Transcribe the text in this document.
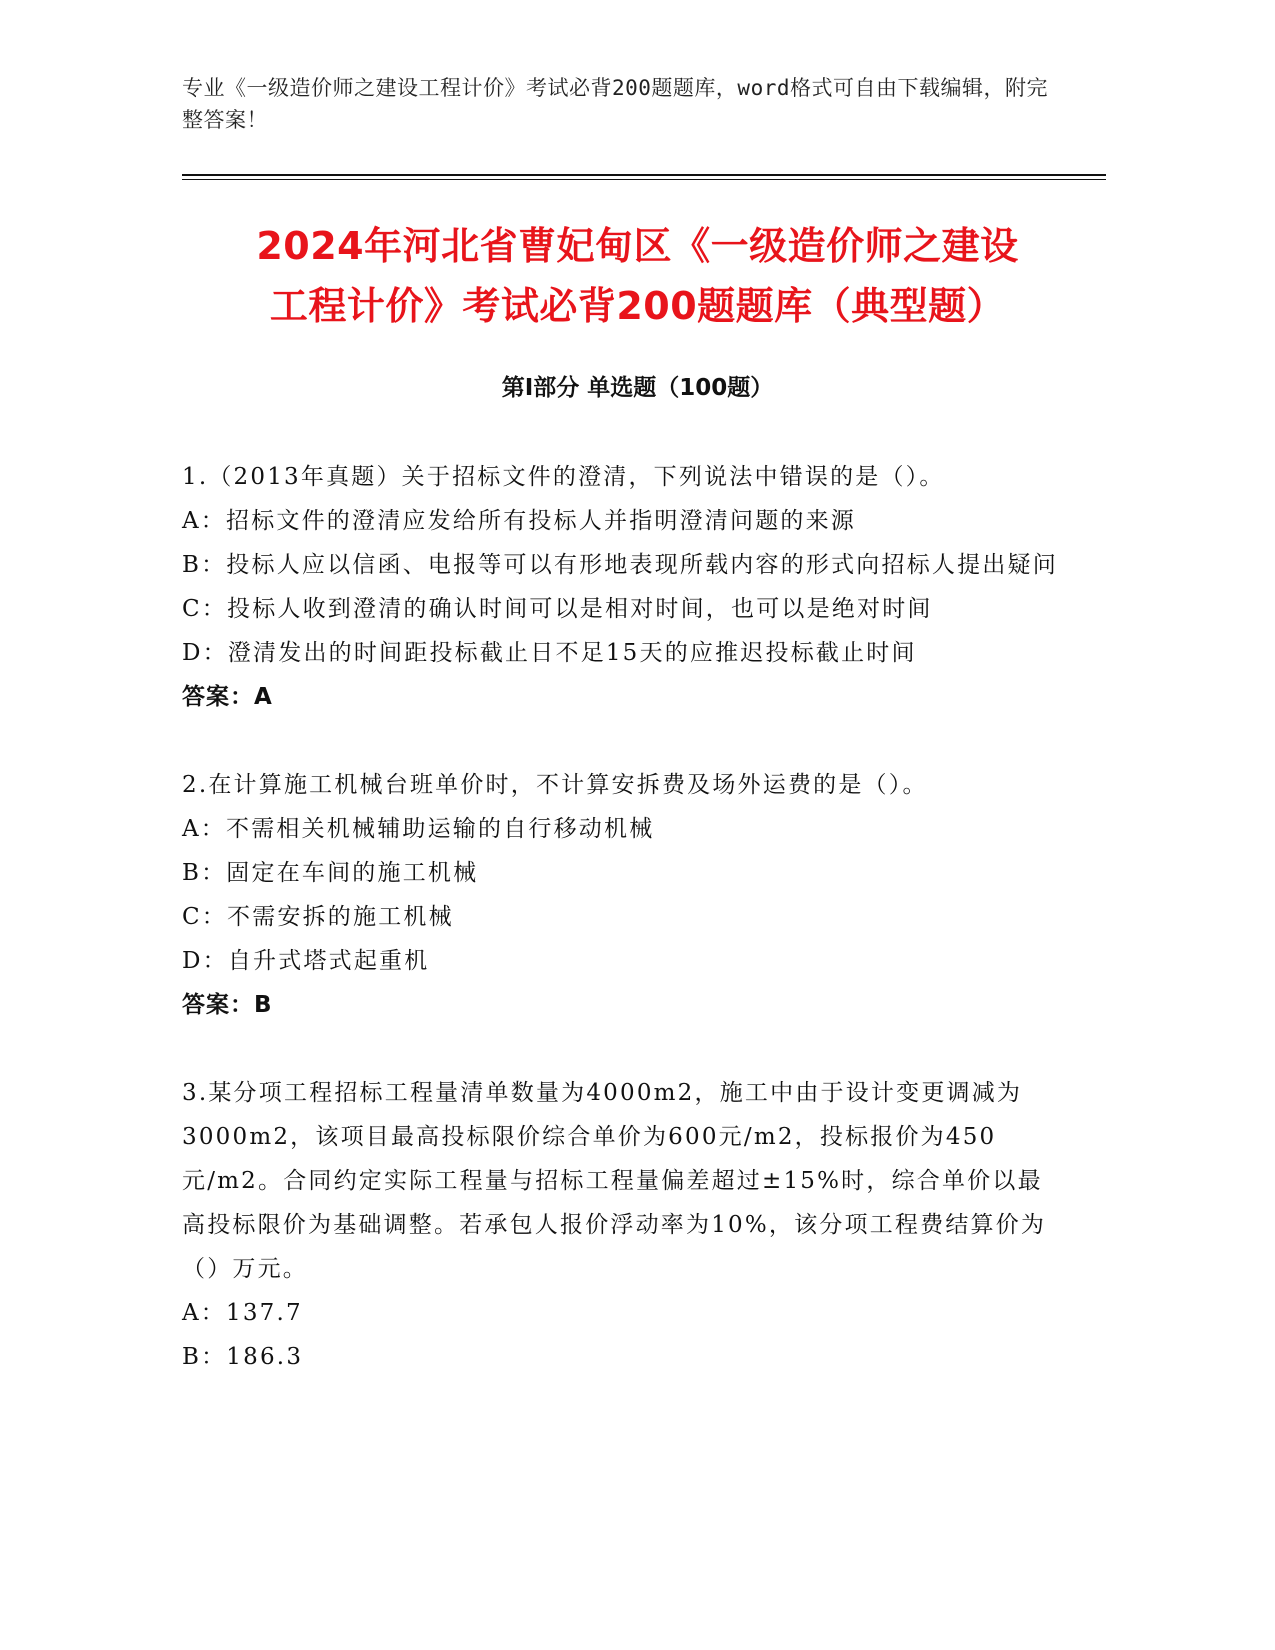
专业《一级造价师之建设工程计价》考试必背200题题库，word格式可自由下载编辑，附完整答案！
2024年河北省曹妃甸区《一级造价师之建设
工程计价》考试必背200题题库（典型题）
第I部分 单选题（100题）
1.（2013年真题）关于招标文件的澄清，下列说法中错误的是（）。
A：招标文件的澄清应发给所有投标人并指明澄清问题的来源
B：投标人应以信函、电报等可以有形地表现所载内容的形式向招标人提出疑问
C：投标人收到澄清的确认时间可以是相对时间，也可以是绝对时间
D：澄清发出的时间距投标截止日不足15天的应推迟投标截止时间
答案：A
2.在计算施工机械台班单价时，不计算安拆费及场外运费的是（）。
A：不需相关机械辅助运输的自行移动机械
B：固定在车间的施工机械
C：不需安拆的施工机械
D：自升式塔式起重机
答案：B
3.某分项工程招标工程量清单数量为4000m2，施工中由于设计变更调减为3000m2，该项目最高投标限价综合单价为600元/m2，投标报价为450元/m2。合同约定实际工程量与招标工程量偏差超过±15%时，综合单价以最高投标限价为基础调整。若承包人报价浮动率为10%，该分项工程费结算价为（）万元。
A：137.7
B：186.3
